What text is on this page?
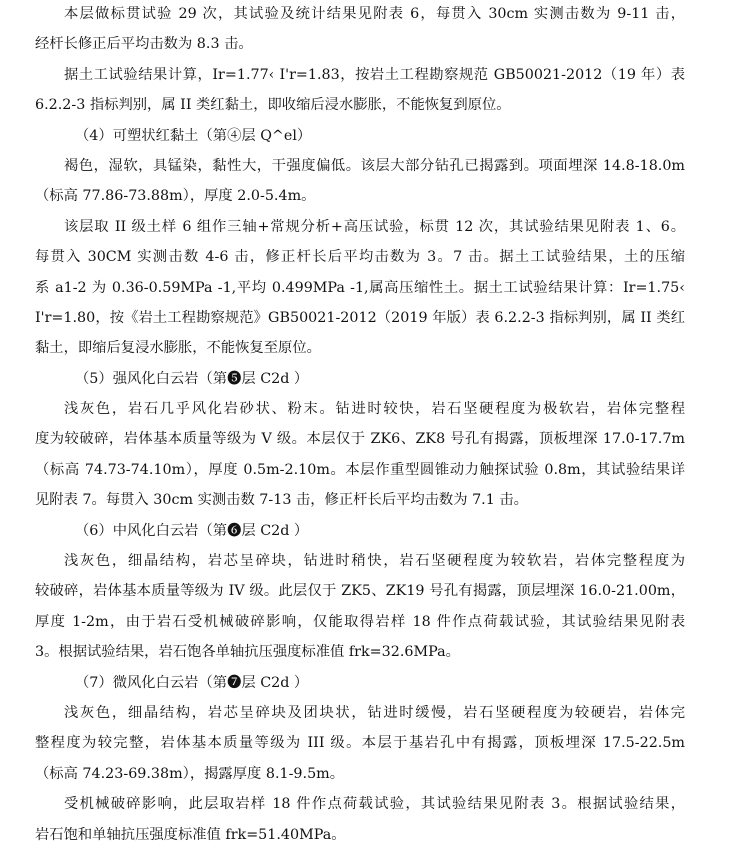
本层做标贯试验 29 次，其试验及统计结果见附表 6，每贯入 30cm 实测击数为 9-11 击，
经杆长修正后平均击数为 8.3 击。
据土工试验结果计算，Ir=1.77‹ I'r=1.83，按岩土工程勘察规范 GB50021-2012（19 年）表
6.2.2-3 指标判别，属 II 类红黏土，即收缩后浸水膨胀，不能恢复到原位。
（4）可塑状红黏土（第④层 Q^el）
褐色，湿软，具锰染，黏性大，干强度偏低。该层大部分钻孔已揭露到。项面埋深 14.8-18.0m
（标高 77.86-73.88m），厚度 2.0-5.4m。
该层取 II 级土样 6 组作三轴+常规分析+高压试验，标贯 12 次，其试验结果见附表 1、6。
每贯入 30CM 实测击数 4-6 击，修正杆长后平均击数为 3。7 击。据土工试验结果，土的压缩
系 a1-2 为 0.36-0.59MPa -1,平均 0.499MPa -1,属高压缩性土。据土工试验结果计算：Ir=1.75‹
I'r=1.80，按《岩土工程勘察规范》GB50021-2012（2019 年版）表 6.2.2-3 指标判别，属 II 类红
黏土，即缩后复浸水膨胀，不能恢复至原位。
（5）强风化白云岩（第❺层 C2d ）
浅灰色，岩石几乎风化岩砂状、粉末。钻进时较快，岩石坚硬程度为极软岩，岩体完整程
度为较破碎，岩体基本质量等级为 V 级。本层仅于 ZK6、ZK8 号孔有揭露，顶板埋深 17.0-17.7m
（标高 74.73-74.10m），厚度 0.5m-2.10m。本层作重型圆锥动力触探试验 0.8m，其试验结果详
见附表 7。每贯入 30cm 实测击数 7-13 击，修正杆长后平均击数为 7.1 击。
（6）中风化白云岩（第❻层 C2d ）
浅灰色，细晶结构，岩芯呈碎块，钻进时稍快，岩石坚硬程度为较软岩，岩体完整程度为
较破碎，岩体基本质量等级为 IV 级。此层仅于 ZK5、ZK19 号孔有揭露，顶层埋深 16.0-21.00m，
厚度 1-2m，由于岩石受机械破碎影响，仅能取得岩样 18 件作点荷载试验，其试验结果见附表
3。根据试验结果，岩石饱各单轴抗压强度标准值 frk=32.6MPa。
（7）微风化白云岩（第❼层 C2d ）
浅灰色，细晶结构，岩芯呈碎块及团块状，钻进时缓慢，岩石坚硬程度为较硬岩，岩体完
整程度为较完整，岩体基本质量等级为 III 级。本层于基岩孔中有揭露，顶板埋深 17.5-22.5m
（标高 74.23-69.38m），揭露厚度 8.1-9.5m。
受机械破碎影响，此层取岩样 18 件作点荷载试验，其试验结果见附表 3。根据试验结果，
岩石饱和单轴抗压强度标准值 frk=51.40MPa。
